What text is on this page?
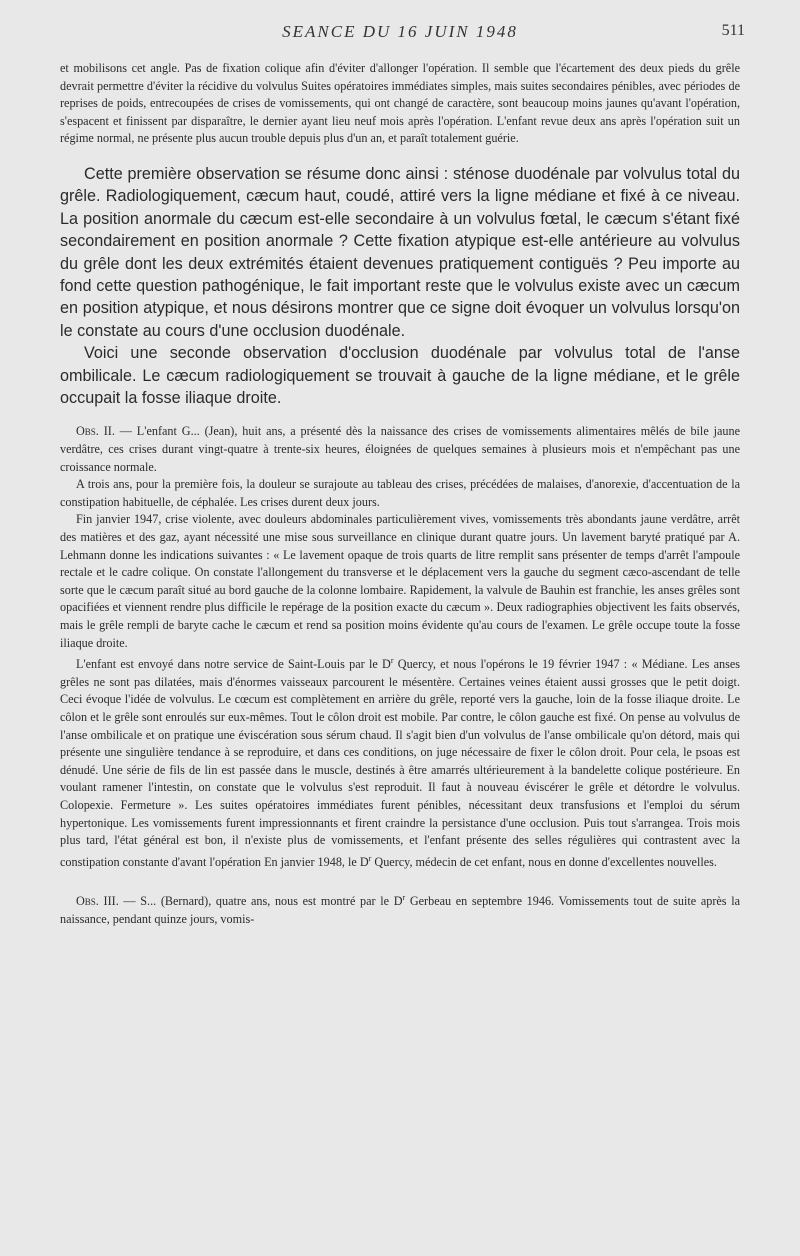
SEANCE DU 16 JUIN 1948	511

et mobilisons cet angle. Pas de fixation colique afin d'éviter d'allonger l'opération. Il semble que l'écartement des deux pieds du grêle devrait permettre d'éviter la récidive du volvulus Suites opératoires immédiates simples, mais suites secondaires pénibles, avec périodes de reprises de poids, entrecoupées de crises de vomissements, qui ont changé de caractère, sont beaucoup moins jaunes qu'avant l'opération, s'espacent et finissent par disparaître, le dernier ayant lieu neuf mois après l'opération. L'enfant revue deux ans après l'opération suit un régime normal, ne présente plus aucun trouble depuis plus d'un an, et paraît totalement guérie.

Cette première observation se résume donc ainsi : sténose duodénale par volvulus total du grêle. Radiologiquement, cæcum haut, coudé, attiré vers la ligne médiane et fixé à ce niveau. La position anormale du cæcum est-elle secondaire à un volvulus fœtal, le cæcum s'étant fixé secondairement en position anormale ? Cette fixation atypique est-elle antérieure au volvulus du grêle dont les deux extrémités étaient devenues pratiquement contiguës ? Peu importe au fond cette question pathogénique, le fait important reste que le volvulus existe avec un cæcum en position atypique, et nous désirons montrer que ce signe doit évoquer un volvulus lorsqu'on le constate au cours d'une occlusion duodénale.

Voici une seconde observation d'occlusion duodénale par volvulus total de l'anse ombilicale. Le cæcum radiologiquement se trouvait à gauche de la ligne médiane, et le grêle occupait la fosse iliaque droite.

Obs. II. — L'enfant G... (Jean), huit ans, a présenté dès la naissance des crises de vomissements alimentaires mêlés de bile jaune verdâtre, ces crises durant vingt-quatre à trente-six heures, éloignées de quelques semaines à plusieurs mois et n'empêchant pas une croissance normale.

A trois ans, pour la première fois, la douleur se surajoute au tableau des crises, précédées de malaises, d'anorexie, d'accentuation de la constipation habituelle, de céphalée. Les crises durent deux jours.

Fin janvier 1947, crise violente, avec douleurs abdominales particulièrement vives, vomissements très abondants jaune verdâtre, arrêt des matières et des gaz, ayant nécessité une mise sous surveillance en clinique durant quatre jours. Un lavement baryté pratiqué par A. Lehmann donne les indications suivantes : « Le lavement opaque de trois quarts de litre remplit sans présenter de temps d'arrêt l'ampoule rectale et le cadre colique. On constate l'allongement du transverse et le déplacement vers la gauche du segment cæco-ascendant de telle sorte que le cæcum paraît situé au bord gauche de la colonne lombaire. Rapidement, la valvule de Bauhin est franchie, les anses grêles sont opacifiées et viennent rendre plus difficile le repérage de la position exacte du cæcum ». Deux radiographies objectivent les faits observés, mais le grêle rempli de baryte cache le cæcum et rend sa position moins évidente qu'au cours de l'examen. Le grêle occupe toute la fosse iliaque droite.

L'enfant est envoyé dans notre service de Saint-Louis par le $D^r$ Quercy, et nous l'opérons le 19 février 1947 : « Médiane. Les anses grêles ne sont pas dilatées, mais d'énormes vaisseaux parcourent le mésentère. Certaines veines étaient aussi grosses que le petit doigt. Ceci évoque l'idée de volvulus. Le cœcum est complètement en arrière du grêle, reporté vers la gauche, loin de la fosse iliaque droite. Le côlon et le grêle sont enroulés sur eux-mêmes. Tout le côlon droit est mobile. Par contre, le côlon gauche est fixé. On pense au volvulus de l'anse ombilicale et on pratique une éviscération sous sérum chaud. Il s'agit bien d'un volvulus de l'anse ombilicale qu'on détord, mais qui présente une singulière tendance à se reproduire, et dans ces conditions, on juge nécessaire de fixer le côlon droit. Pour cela, le psoas est dénudé. Une série de fils de lin est passée dans le muscle, destinés à être amarrés ultérieurement à la bandelette colique postérieure. En voulant ramener l'intestin, on constate que le volvulus s'est reproduit. Il faut à nouveau éviscérer le grêle et détordre le volvulus. Colopexie. Fermeture ». Les suites opératoires immédiates furent pénibles, nécessitant deux transfusions et l'emploi du sérum hypertonique. Les vomissements furent impressionnants et firent craindre la persistance d'une occlusion. Puis tout s'arrangea. Trois mois plus tard, l'état général est bon, il n'existe plus de vomissements, et l'enfant présente des selles régulières qui contrastent avec la constipation constante d'avant l'opération En janvier 1948, le $D^r$ Quercy, médecin de cet enfant, nous en donne d'excellentes nouvelles.

Obs. III. — S... (Bernard), quatre ans, nous est montré par le $D^r$ Gerbeau en septembre 1946. Vomissements tout de suite après la naissance, pendant quinze jours, vomis-
